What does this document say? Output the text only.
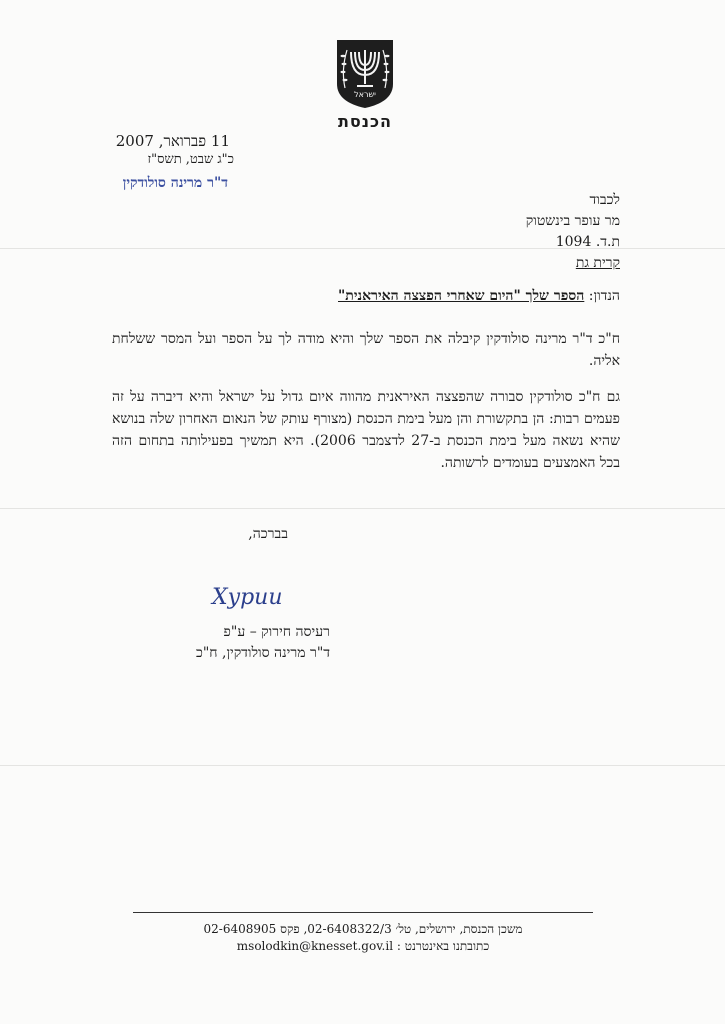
ישראל
הכנסת
11 פברואר, 2007
כ"ג שבט, תשס"ז
ד"ר מרינה סולודקין
לכבוד
מר עופר בינשטוק
ת.ד. 1094
קרית גת
הנדון: הספר שלך "היום שאחרי הפצצה האיראנית"
ח"כ ד"ר מרינה סולודקין קיבלה את הספר שלך והיא מודה לך על הספר ועל המסר ששלחת אליה.
גם ח"כ סולודקין סבורה שהפצצה האיראנית מהווה איום גדול על ישראל והיא דיברה על זה פעמים רבות: הן בתקשורת והן מעל בימת הכנסת (מצורף עותק של הנאום האחרון שלה בנושא שהיא נשאה מעל בימת הכנסת ב-27 לדצמבר 2006). היא תמשיך בפעילותה בתחום הזה בכל האמצעים בעומדים לרשותה.
בברכה,
Xyрии
רעיסה חירוק – ע"פ
ד"ר מרינה סולודקין, ח"כ
משכן הכנסת, ירושלים, טל׳ 02-6408322/3, פקס 02-6408905
כתובתנו באינטרנט : msolodkin@knesset.gov.il
